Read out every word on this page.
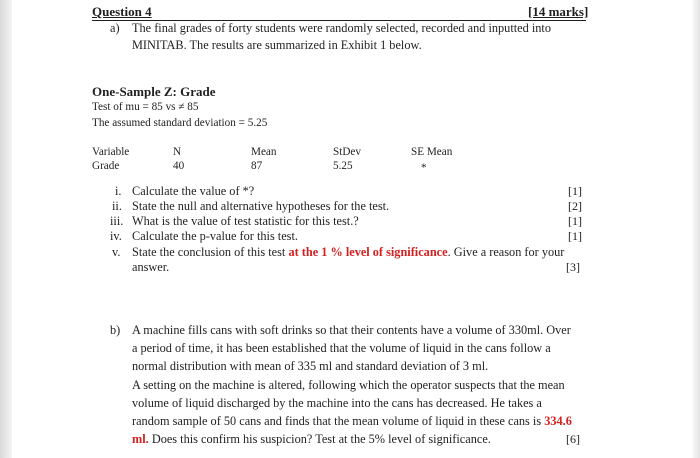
Question 4	[14 marks]
a) The final grades of forty students were randomly selected, recorded and inputted into
MINITAB. The results are summarized in Exhibit 1 below.
One-Sample Z: Grade
Test of mu = 85 vs ≠ 85
The assumed standard deviation = 5.25
Variable	N	Mean	StDev	SE Mean
Grade	40	87	5.25	*
i. Calculate the value of *?	[1]
ii. State the null and alternative hypotheses for the test.	[2]
iii. What is the value of test statistic for this test.?	[1]
iv. Calculate the p-value for this test.	[1]
v. State the conclusion of this test at the 1 % level of significance. Give a reason for your
answer.	[3]
b) A machine fills cans with soft drinks so that their contents have a volume of 330ml. Over
a period of time, it has been established that the volume of liquid in the cans follow a
normal distribution with mean of 335 ml and standard deviation of 3 ml.
A setting on the machine is altered, following which the operator suspects that the mean
volume of liquid discharged by the machine into the cans has decreased. He takes a
random sample of 50 cans and finds that the mean volume of liquid in these cans is 334.6
ml. Does this confirm his suspicion? Test at the 5% level of significance.	[6]
